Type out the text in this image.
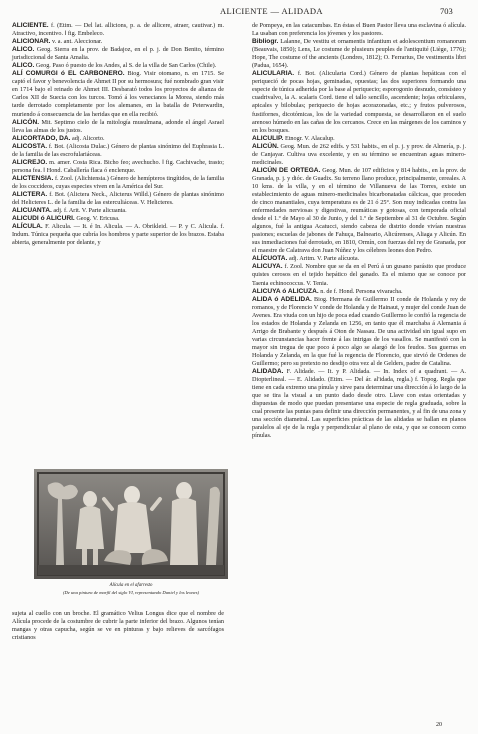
ALICIENTE — ALIDADA	703

ALICIENTE. f. (Etim. — Del lat. allicions, p. a. de allicere, atraer, cautivar.) m. Atractivo, incentivo. ‖ fig. Embeleco.

ALICIONAR. v. a. ant. Aleccionar.

ALICO. Geog. Sierra en la prov. de Badajoz, en el p. j. de Don Benito, término jurisdiccional de Santa Amalia.

ALICO. Geog. Paso ó puesto de los Andes, al S. de la villa de San Carlos (Chile).

ALÍ COMURGI ó EL CARBONERO. Biog. Visir otomano, n. en 1715. Se captó el favor y benevolencia de Ahmet II por su hermosura; fué nombrado gran visir en 1714 bajo el reinado de Ahmet III. Desbarató todos los proyectos de alianza de Carlos XII de Suecia con los turcos. Tomó á los venecianos la Morea, siendo más tarde derrotado completamente por los alemanes, en la batalla de Peterwardin, muriendo á consecuencia de las heridas que en ella recibió.

ALICÓN. Mit. Septimo cielo de la mitología musulmana, adonde el ángel Asrael lleva las almas de los justos.

ALICORTADO, DA. adj. Alicorto.

ALICOSTA. f. Bot. (Alicosta Dulac.) Género de plantas sinónimo del Euphrasia L. de la familia de las escrofulariáceas.

ALICREJO. m. amer. Costa Rica. Bicho feo; avechucho. ‖ fig. Cachivache, trasto; persona fea. ‖ Hond. Caballería flaca ó enclenque.

ALICTENSIA. f. Zool. (Alichtensia.) Género de hemípteros tingítidos, de la familia de los coccideos, cuyas especies viven en la América del Sur.

ALICTERA. f. Bot. (Alictera Neck., Alicterus Willd.) Género de plantas sinónimo del Helicteres L. de la familia de las esterculiáceas. V. Helicteres.

ALICUANTA. adj. f. Arit. V. Parte alicuanta.

ALICUDI ó ALICURI. Geog. V. Ericusa.

ALÍCULA. F. Alicula. — It. é In. Alicula. — A. Obrikleid. — P. y C. Alicula. f. Indum. Túnica pequeña que cubría los hombros y parte superior de los brazos. Estaba abierta, generalmente por delante, y

Alícula en el afarresto
(De una pintura de marfil del siglo VI, representando Daniel y los leones)

sujeta al cuello con un broche. El gramático Velius Longus dice que el nombre de Alícula procede de la costumbre de cubrir la parte inferior del brazo. Algunos tenían mangas y otras capucha, según se ve en pinturas y bajo relieves de sarcófagos cristianos

de Pompeya, en las catacumbas. En éstas el Buen Pastor lleva una esclavina ó alícula. La usaban con preferencia los jóvenes y los pastores.

Bibliogr. Lalanne, De vestitu et ornamentis infantium et adolescentium romanorum (Beauvais, 1850); Lens, Le costume de plusieurs peuples de l'antiquité (Liège, 1776); Hope, The costume of the ancients (Londres, 1812); O. Ferrarius, De vestimentis libri (Padua, 1654).

ALICULARIA. f. Bot. (Alicularia Cord.) Género de plantas hepáticas con el periqueció de pocas hojas, geminadas, opuestas; las dos superiores formando una especie de túnica adherida por la base al periquecio; esporogonio desnudo, consísteo y cuadrivalvo, la A. scalaris Cord. tiene el tallo sencillo, ascendente; hojas orbiculares, apicales y bilobulas; periquecio de hojas acorazonadas, etc.; y frutos pulverosos, fustifornes, dicotómicas, los de la variedad compuesta, se desarrollaron en el suelo arenoso húmedo en las cañas de los cercanos. Crece en las márgenes de los caminos y en los bosques.

ALICULIP. Etnogr. V. Alacalup.

ALICÚN. Geog. Mun. de 262 edifs. y 531 habits., en el p. j. y prov. de Almería, p. j. de Canjayar. Cultiva uva excelente, y en su término se encuentran aguas minero-medicinales.

ALICÚN DE ORTEGA. Geog. Mun. de 107 edificios y 814 habits., en la prov. de Granada, p. j. y dióc. de Guadix. Su terreno llano produce, principalmente, cereales. A 10 kms. de la villa, y en el término de Villanueva de las Torres, existe un establecimiento de aguas minero-medicinales bicarbonatadas cálcicas, que proceden de cinco manantiales, cuya temperatura es de 21 ó 25°. Son muy indicadas contra las enfermedades nerviosas y digestivas, reumáticas y gotosas, con temporada oficial desde el 1.º de Mayo al 30 de Junio, y del 1.º de Septiembre al 31 de Octubre. Según algunos, fué la antigua Acatucci, siendo cabeza de distrito donde vivían nuestras pasiones; escuelas de jabones de Fahuça, Balneario, Alicúrenses, Aliaga y Alicún. En sus inmediaciones fué derrotado, en 1810, Ormín, con fuerzas del rey de Granada, por el maestre de Calatrava don Juan Núñez y los célebres leones don Pedro.

ALÍCUOTA. adj. Aritm. V. Parte alícuota.

ALICUYA. f. Zool. Nombre que se da en el Perú á un gusano parásito que produce quistes cerosos en el tejido hepático del ganado. Es el mismo que se conoce por Taenia echinococcus. V. Tenia.

ALICUYA ó ALICUZA. n. de f. Hond. Persona vivaracha.

ALIDA ó ADELIDA. Biog. Hermana de Guillermo II conde de Holanda y rey de romanos, y de Florencio V conde de Holanda y de Hainaut, y mujer del conde Juan de Avenes. Era viuda con un hijo de poca edad cuando Guillermo le confió la regencia de los estados de Holanda y Zelanda en 1256, en tanto que él marchaba á Alemania á Arrigo de Brabante y después á Oton de Nassau. De una actividad sin igual supo en varias circunstancias hacer frente á las intrigas de los vasallos. Se manifestó con la mayor sin tregua de que poco á poco algo se alargó de los feudos. Sus guerras en Holanda y Zelanda, en la que fué la regencia de Florencio, que sirvió de Ordenes de Guillermo; pero su pretexto no desdijo otra vez al de Gelders, padre de Catalina.

ALIDADA. F. Alidade. — It. y P. Alidada. — In. Index of a quadrant. — A. Diopterlineal. — E. Alidado. (Etim. — Del ár. al'idada, regla.) f. Topog. Regla que tiene en cada extremo una pínula y sirve para determinar una dirección á lo largo de la que se tira la visual a un punto dado desde otro. Llave con estas orientadas y dispuestas de modo que puedan presentarse una especie de regla graduada, sobre la cual presente las puntas para definir una dirección permanentes, y al fin de una zona y una sección diametral. Las superficies prácticas de las alidadas se hallan en planos paralelos al eje de la regla y perpendicular al plano de esta, y que se conocen como pínulas.

20
